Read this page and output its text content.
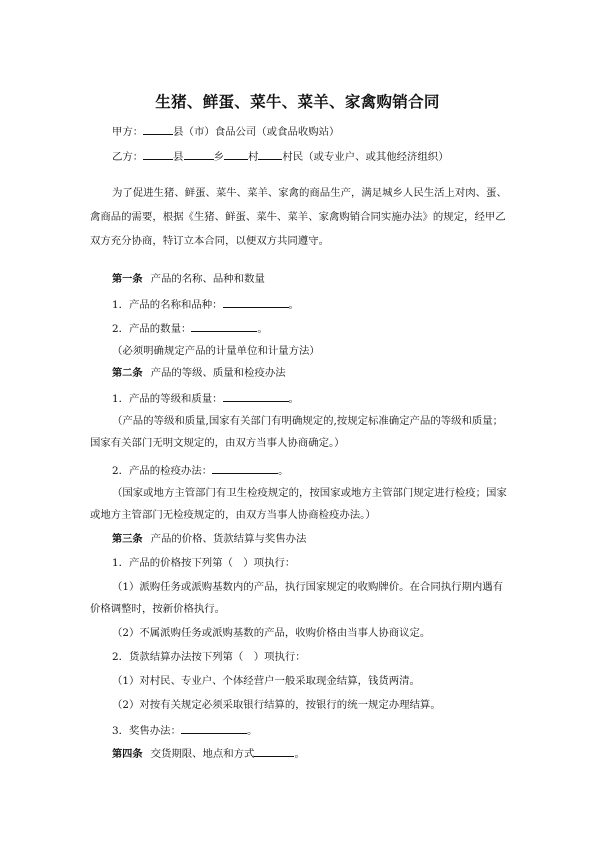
生猪、鲜蛋、菜牛、菜羊、家禽购销合同
甲方：	县（市）食品公司（或食品收购站）
乙方：	县	乡 村 村民（或专业户、或其他经济组织）
为了促进生猪、鲜蛋、菜牛、菜羊、家禽的商品生产，满足城乡人民生活上对肉、蛋、
禽商品的需要，根据《生猪、鲜蛋、菜牛、菜羊、家禽购销合同实施办法》的规定，经甲乙
双方充分协商，特订立本合同，以便双方共同遵守。
第一条 产品的名称、品种和数量
1．产品的名称和品种：	。
2．产品的数量：	。
（必须明确规定产品的计量单位和计量方法）
第二条 产品的等级、质量和检疫办法
1．产品的等级和质量：	。
（产品的等级和质量,国家有关部门有明确规定的,按规定标准确定产品的等级和质量；
国家有关部门无明文规定的，由双方当事人协商确定。）
2．产品的检疫办法：	。
（国家或地方主管部门有卫生检疫规定的，按国家或地方主管部门规定进行检疫；国家
或地方主管部门无检疫规定的，由双方当事人协商检疫办法。）
第三条 产品的价格、货款结算与奖售办法
1．产品的价格按下列第（　）项执行：
（1）派购任务或派购基数内的产品，执行国家规定的收购牌价。在合同执行期内遇有
价格调整时，按新价格执行。
（2）不属派购任务或派购基数的产品，收购价格由当事人协商议定。
2．货款结算办法按下列第（　）项执行：
（1）对村民、专业户、个体经营户一般采取现金结算，钱货两清。
（2）对按有关规定必须采取银行结算的，按银行的统一规定办理结算。
3．奖售办法：	。
第四条 交货期限、地点和方式	。
